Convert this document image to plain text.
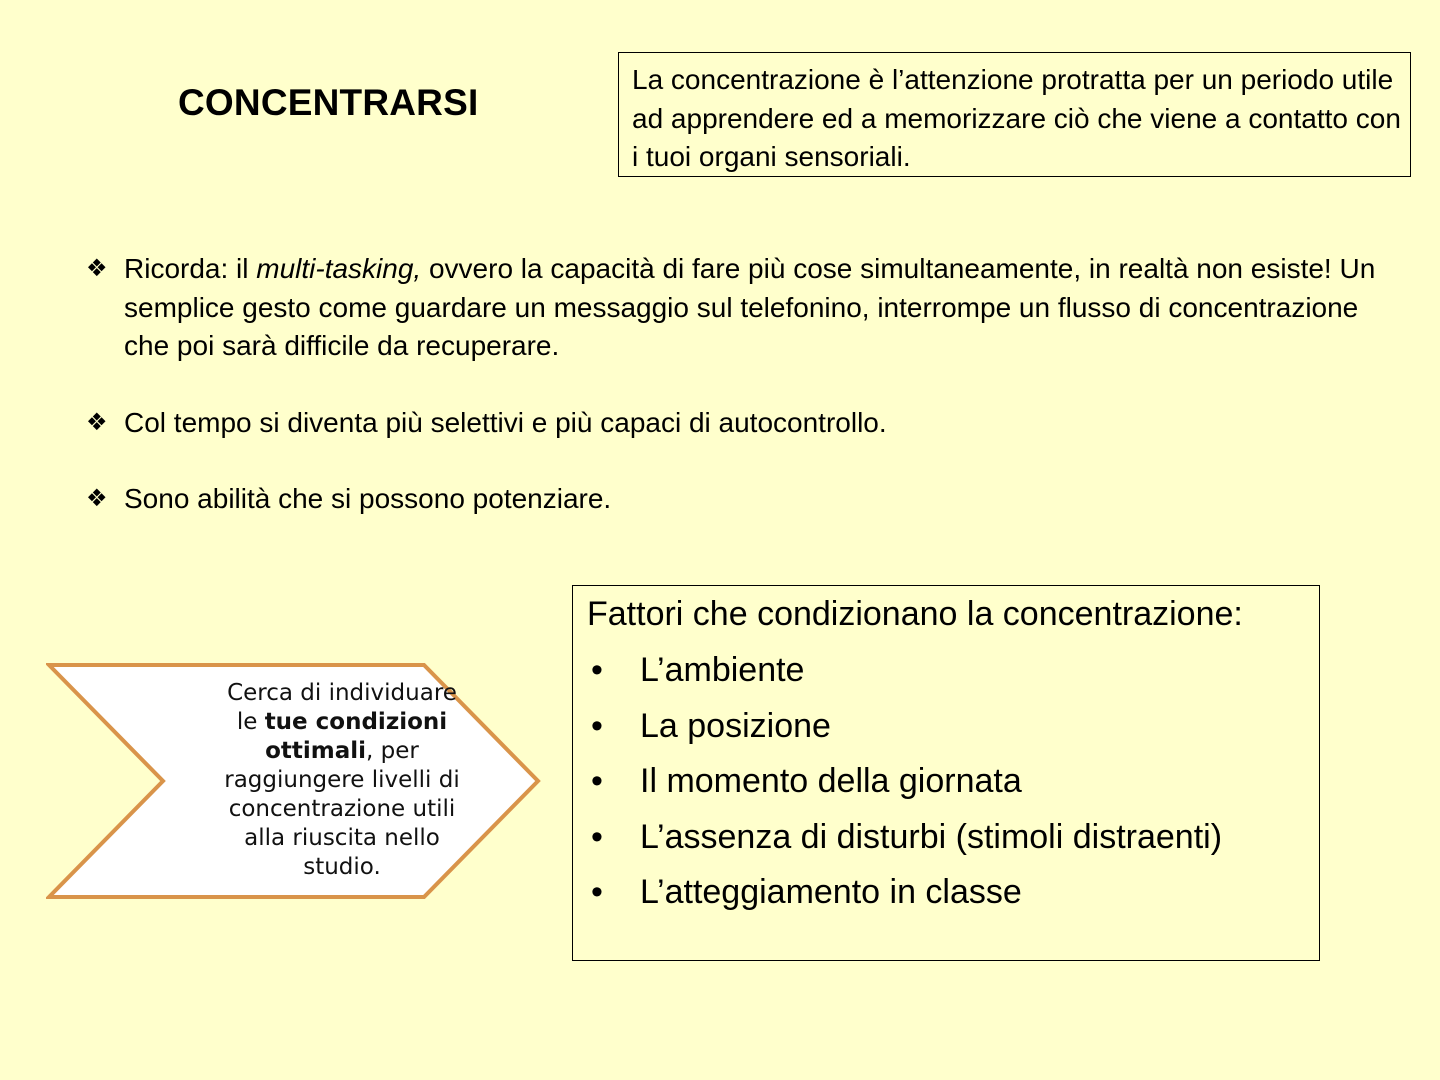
CONCENTRARSI
La concentrazione è l’attenzione protratta per un periodo utile ad apprendere ed a memorizzare ciò che viene a contatto con i tuoi organi sensoriali.
❖ Ricorda: il multi-tasking, ovvero la capacità di fare più cose simultaneamente, in realtà non esiste! Un semplice gesto come guardare un messaggio sul telefonino, interrompe un flusso di concentrazione che poi sarà difficile da recuperare.
❖ Col tempo si diventa più selettivi e più capaci di autocontrollo.
❖ Sono abilità che si possono potenziare.
Cerca di individuare le tue condizioni ottimali, per raggiungere livelli di concentrazione utili alla riuscita nello studio.
Fattori che condizionano la concentrazione:
• L’ambiente
• La posizione
• Il momento della giornata
• L’assenza di disturbi (stimoli distraenti)
• L’atteggiamento in classe
